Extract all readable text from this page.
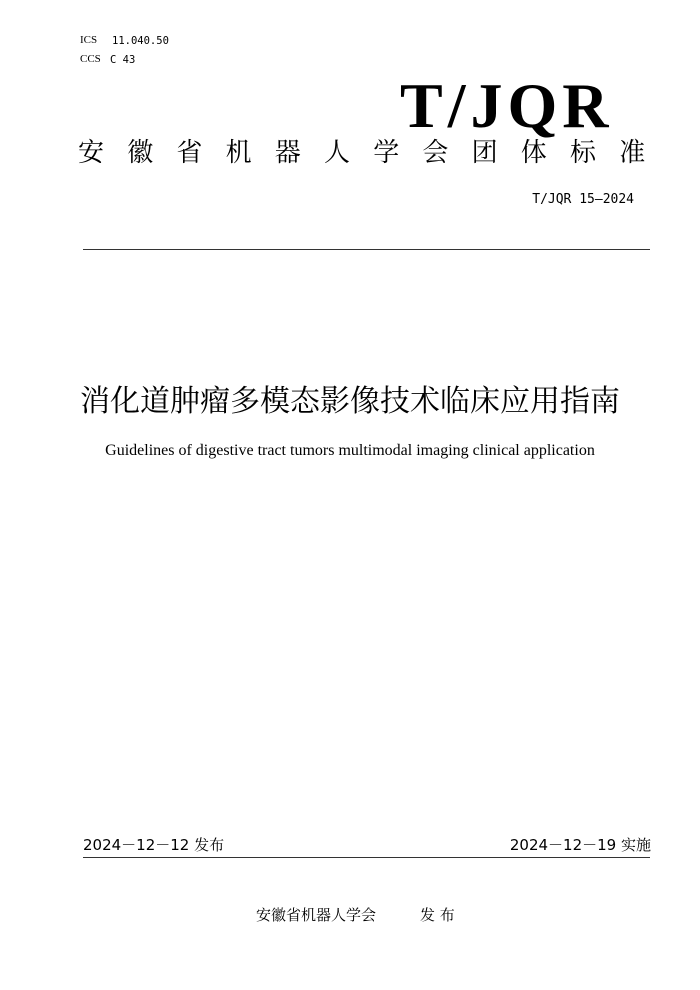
ICS 11.040.50
CCS C 43
T/JQR
安徽省机器人学会团体标准
T/JQR 15—2024
消化道肿瘤多模态影像技术临床应用指南
Guidelines of digestive tract tumors multimodal imaging clinical application
2024－12－12 发布	2024－12－19 实施
安徽省机器人学会	发 布
